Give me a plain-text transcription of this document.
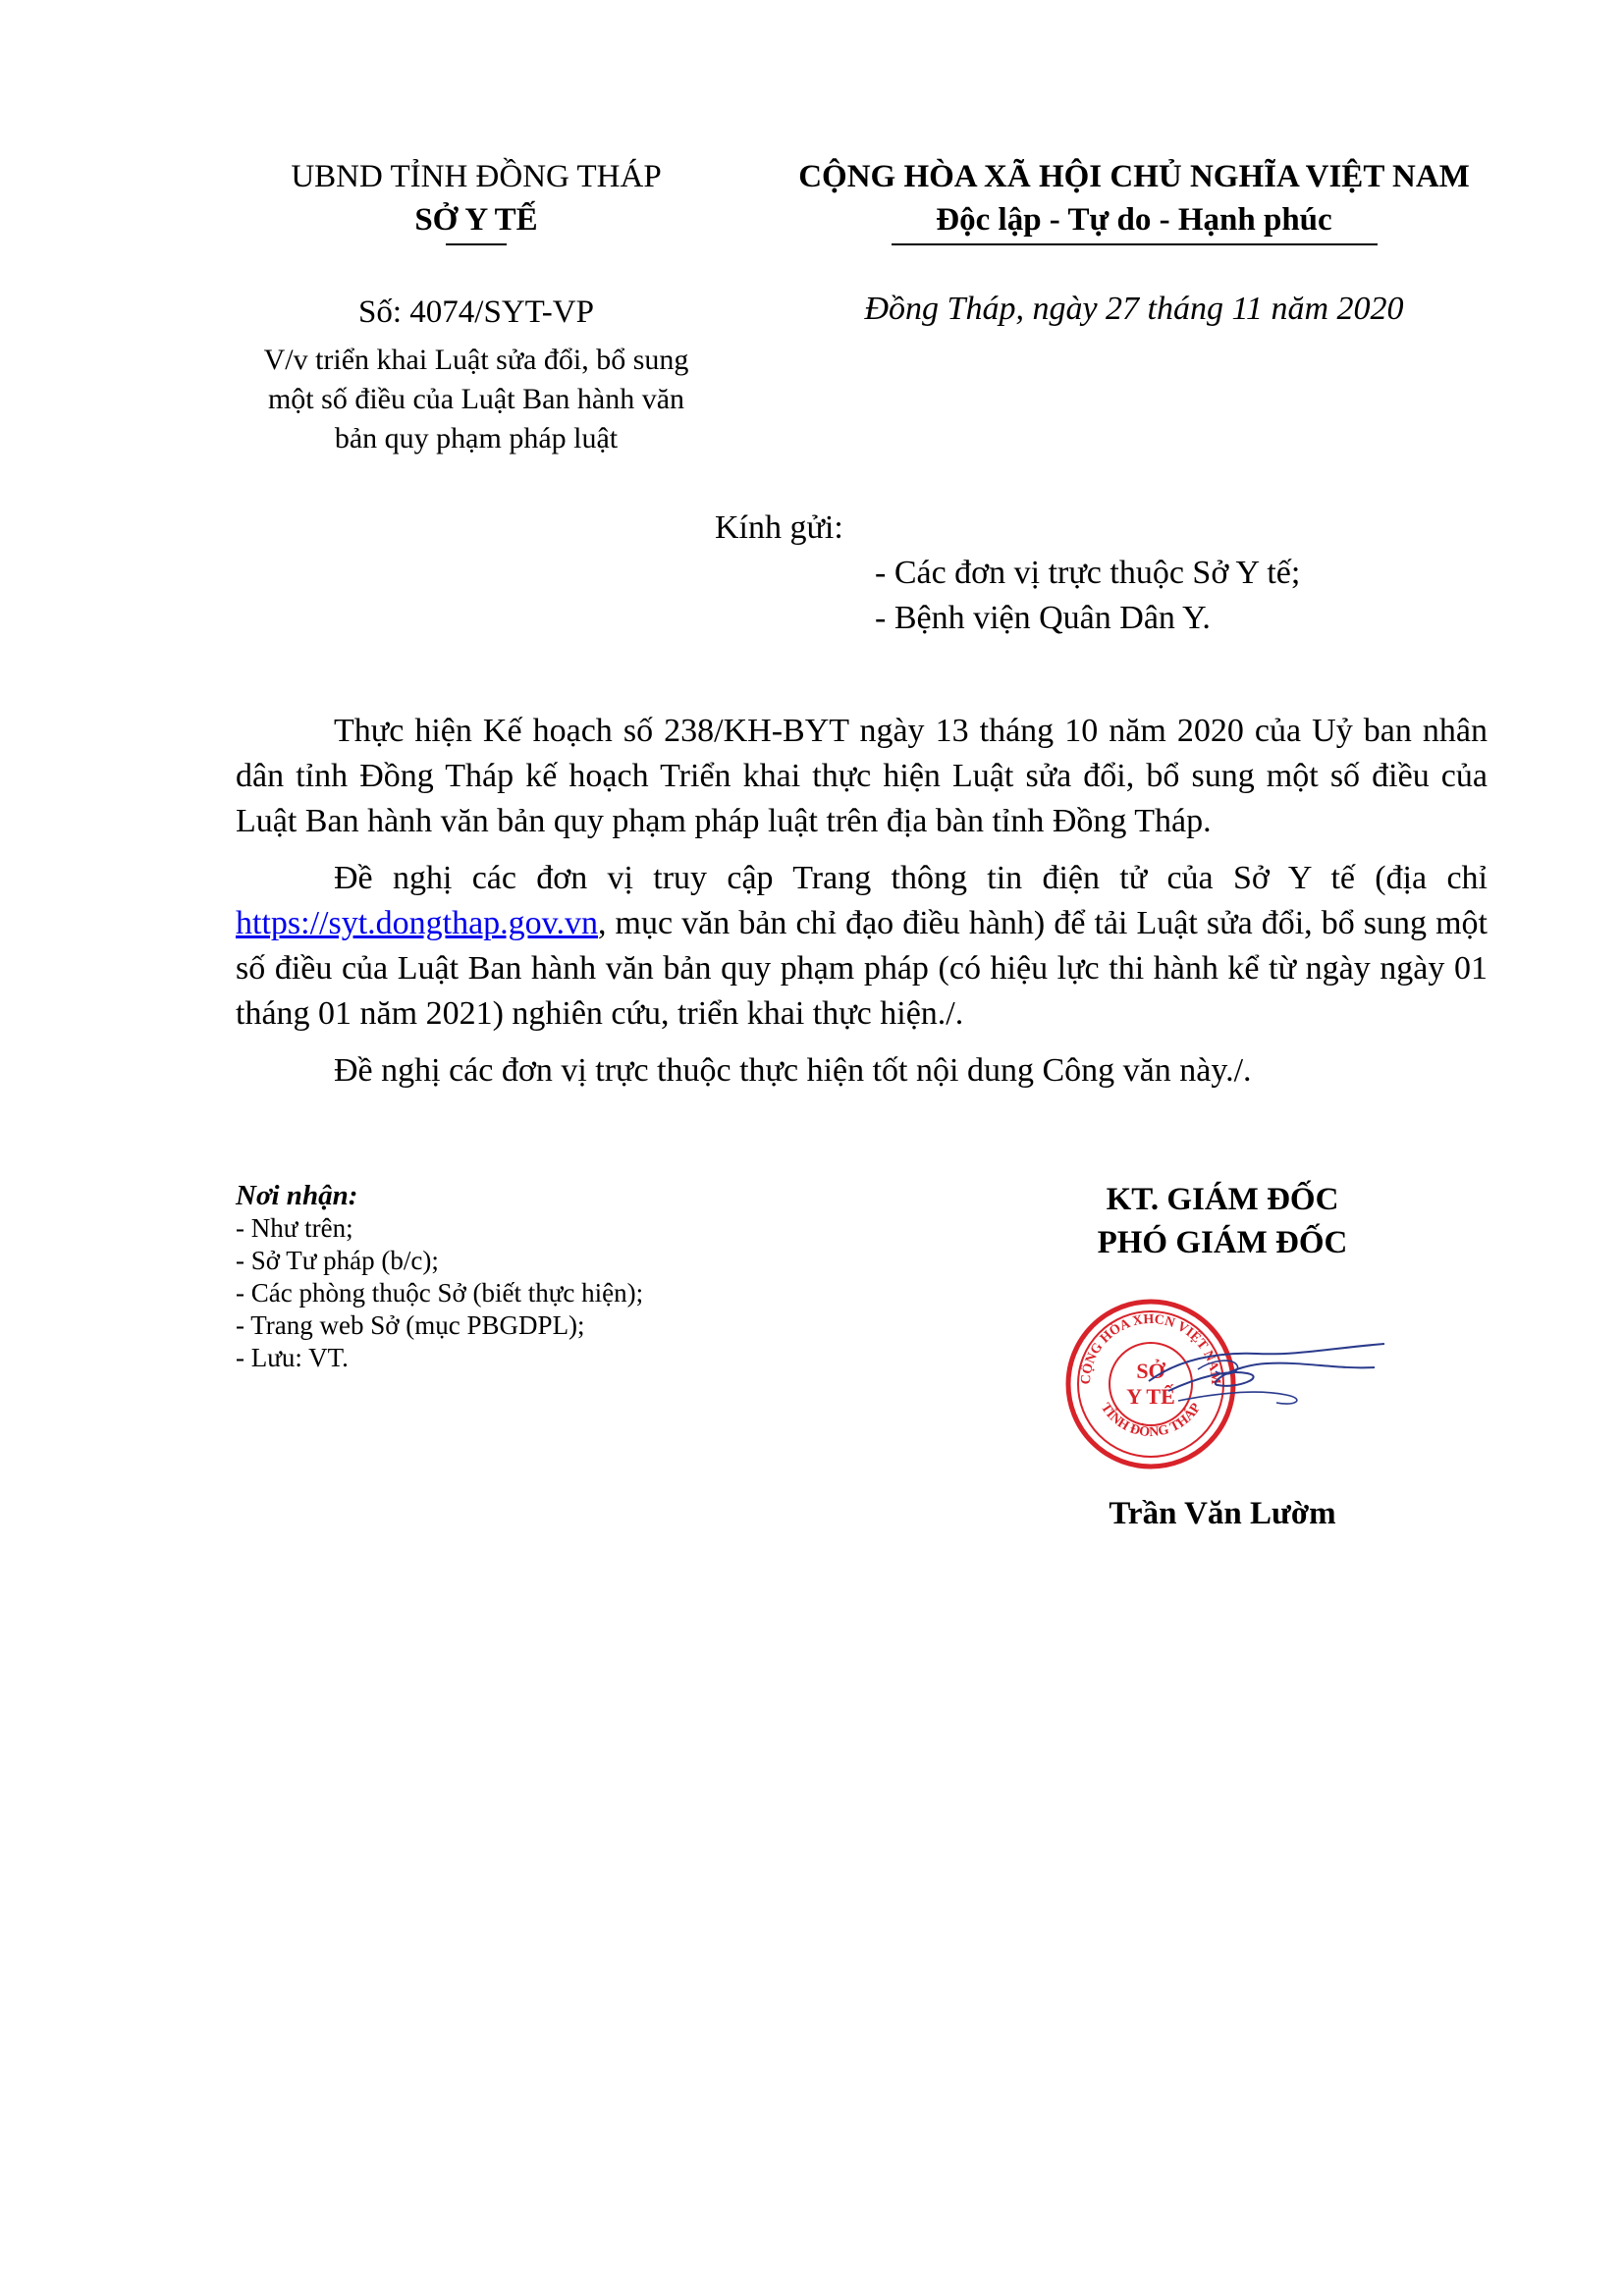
UBND TỈNH ĐỒNG THÁP
SỞ Y TẾ
CỘNG HÒA XÃ HỘI CHỦ NGHĨA VIỆT NAM
Độc lập - Tự do - Hạnh phúc
Số: 4074/SYT-VP
V/v triển khai Luật sửa đổi, bổ sung
một số điều của Luật Ban hành văn
bản quy phạm pháp luật
Đồng Tháp, ngày 27 tháng 11 năm 2020
Kính gửi:
- Các đơn vị trực thuộc Sở Y tế;
- Bệnh viện Quân Dân Y.

Thực hiện Kế hoạch số 238/KH-BYT ngày 13 tháng 10 năm 2020 của Uỷ ban nhân dân tỉnh Đồng Tháp kế hoạch Triển khai thực hiện Luật sửa đổi, bổ sung một số điều của Luật Ban hành văn bản quy phạm pháp luật trên địa bàn tỉnh Đồng Tháp.

Đề nghị các đơn vị truy cập Trang thông tin điện tử của Sở Y tế (địa chỉ https://syt.dongthap.gov.vn, mục văn bản chỉ đạo điều hành) để tải Luật sửa đổi, bổ sung một số điều của Luật Ban hành văn bản quy phạm pháp (có hiệu lực thi hành kể từ ngày ngày 01 tháng 01 năm 2021) nghiên cứu, triển khai thực hiện./.

Đề nghị các đơn vị trực thuộc thực hiện tốt nội dung Công văn này./.

Nơi nhận:
- Như trên;
- Sở Tư pháp (b/c);
- Các phòng thuộc Sở (biết thực hiện);
- Trang web Sở (mục PBGDPL);
- Lưu: VT.
KT. GIÁM ĐỐC
PHÓ GIÁM ĐỐC
CỘNG HÒA XHCN VIỆT NAM
TỈNH ĐỒNG THÁP
SỞ
Y TẾ
Trần Văn Lườm
